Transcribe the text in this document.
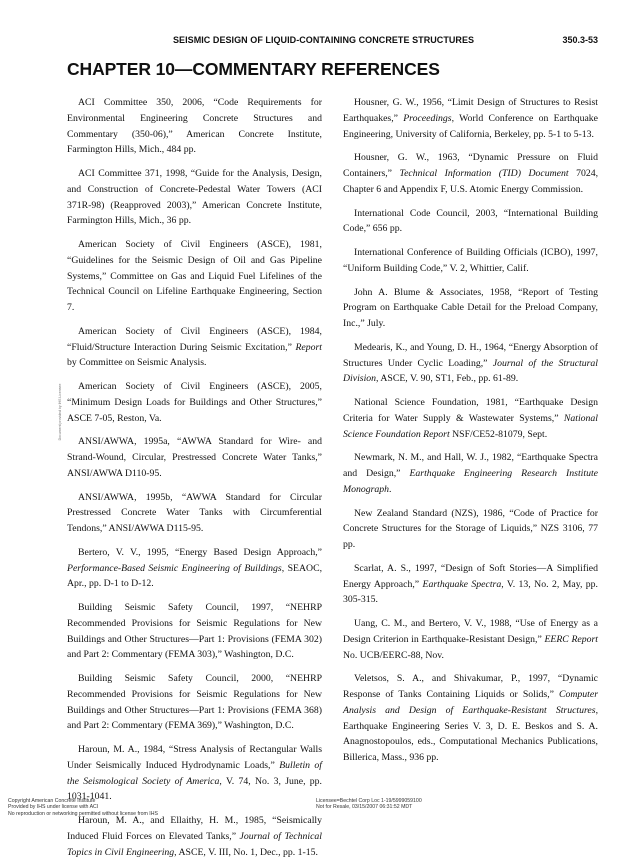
SEISMIC DESIGN OF LIQUID-CONTAINING CONCRETE STRUCTURES	350.3-53
CHAPTER 10—COMMENTARY REFERENCES
Document provided by IHS Licensee

ACI Committee 350, 2006, “Code Requirements for Environmental Engineering Concrete Structures and Commentary (350-06),” American Concrete Institute, Farmington Hills, Mich., 484 pp.

ACI Committee 371, 1998, “Guide for the Analysis, Design, and Construction of Concrete-Pedestal Water Towers (ACI 371R-98) (Reapproved 2003),” American Concrete Institute, Farmington Hills, Mich., 36 pp.

American Society of Civil Engineers (ASCE), 1981, “Guidelines for the Seismic Design of Oil and Gas Pipeline Systems,” Committee on Gas and Liquid Fuel Lifelines of the Technical Council on Lifeline Earthquake Engineering, Section 7.

American Society of Civil Engineers (ASCE), 1984, “Fluid/Structure Interaction During Seismic Excitation,” Report by Committee on Seismic Analysis.

American Society of Civil Engineers (ASCE), 2005, “Minimum Design Loads for Buildings and Other Structures,” ASCE 7-05, Reston, Va.

ANSI/AWWA, 1995a, “AWWA Standard for Wire- and Strand-Wound, Circular, Prestressed Concrete Water Tanks,” ANSI/AWWA D110-95.

ANSI/AWWA, 1995b, “AWWA Standard for Circular Prestressed Concrete Water Tanks with Circumferential Tendons,” ANSI/AWWA D115-95.

Bertero, V. V., 1995, “Energy Based Design Approach,” Performance-Based Seismic Engineering of Buildings, SEAOC, Apr., pp. D-1 to D-12.

Building Seismic Safety Council, 1997, “NEHRP Recommended Provisions for Seismic Regulations for New Buildings and Other Structures—Part 1: Provisions (FEMA 302) and Part 2: Commentary (FEMA 303),” Washington, D.C.

Building Seismic Safety Council, 2000, “NEHRP Recommended Provisions for Seismic Regulations for New Buildings and Other Structures—Part 1: Provisions (FEMA 368) and Part 2: Commentary (FEMA 369),” Washington, D.C.

Haroun, M. A., 1984, “Stress Analysis of Rectangular Walls Under Seismically Induced Hydrodynamic Loads,” Bulletin of the Seismological Society of America, V. 74, No. 3, June, pp. 1031-1041.

Haroun, M. A., and Ellaithy, H. M., 1985, “Seismically Induced Fluid Forces on Elevated Tanks,” Journal of Technical Topics in Civil Engineering, ASCE, V. III, No. 1, Dec., pp. 1-15.

Housner, G. W., 1956, “Limit Design of Structures to Resist Earthquakes,” Proceedings, World Conference on Earthquake Engineering, University of California, Berkeley, pp. 5-1 to 5-13.

Housner, G. W., 1963, “Dynamic Pressure on Fluid Containers,” Technical Information (TID) Document 7024, Chapter 6 and Appendix F, U.S. Atomic Energy Commission.

International Code Council, 2003, “International Building Code,” 656 pp.

International Conference of Building Officials (ICBO), 1997, “Uniform Building Code,” V. 2, Whittier, Calif.

John A. Blume & Associates, 1958, “Report of Testing Program on Earthquake Cable Detail for the Preload Company, Inc.,” July.

Medearis, K., and Young, D. H., 1964, “Energy Absorption of Structures Under Cyclic Loading,” Journal of the Structural Division, ASCE, V. 90, ST1, Feb., pp. 61-89.

National Science Foundation, 1981, “Earthquake Design Criteria for Water Supply & Wastewater Systems,” National Science Foundation Report NSF/CE52-81079, Sept.

Newmark, N. M., and Hall, W. J., 1982, “Earthquake Spectra and Design,” Earthquake Engineering Research Institute Monograph.

New Zealand Standard (NZS), 1986, “Code of Practice for Concrete Structures for the Storage of Liquids,” NZS 3106, 77 pp.

Scarlat, A. S., 1997, “Design of Soft Stories—A Simplified Energy Approach,” Earthquake Spectra, V. 13, No. 2, May, pp. 305-315.

Uang, C. M., and Bertero, V. V., 1988, “Use of Energy as a Design Criterion in Earthquake-Resistant Design,” EERC Report No. UCB/EERC-88, Nov.

Veletsos, S. A., and Shivakumar, P., 1997, “Dynamic Response of Tanks Containing Liquids or Solids,” Computer Analysis and Design of Earthquake-Resistant Structures, Earthquake Engineering Series V. 3, D. E. Beskos and S. A. Anagnostopoulos, eds., Computational Mechanics Publications, Billerica, Mass., 936 pp.

Copyright American Concrete Institute
Provided by IHS under license with ACI
No reproduction or networking permitted without license from IHS
Licensee=Bechtel Corp Loc 1-19/5999059100
Not for Resale, 03/15/2007 06:31:52 MDT
